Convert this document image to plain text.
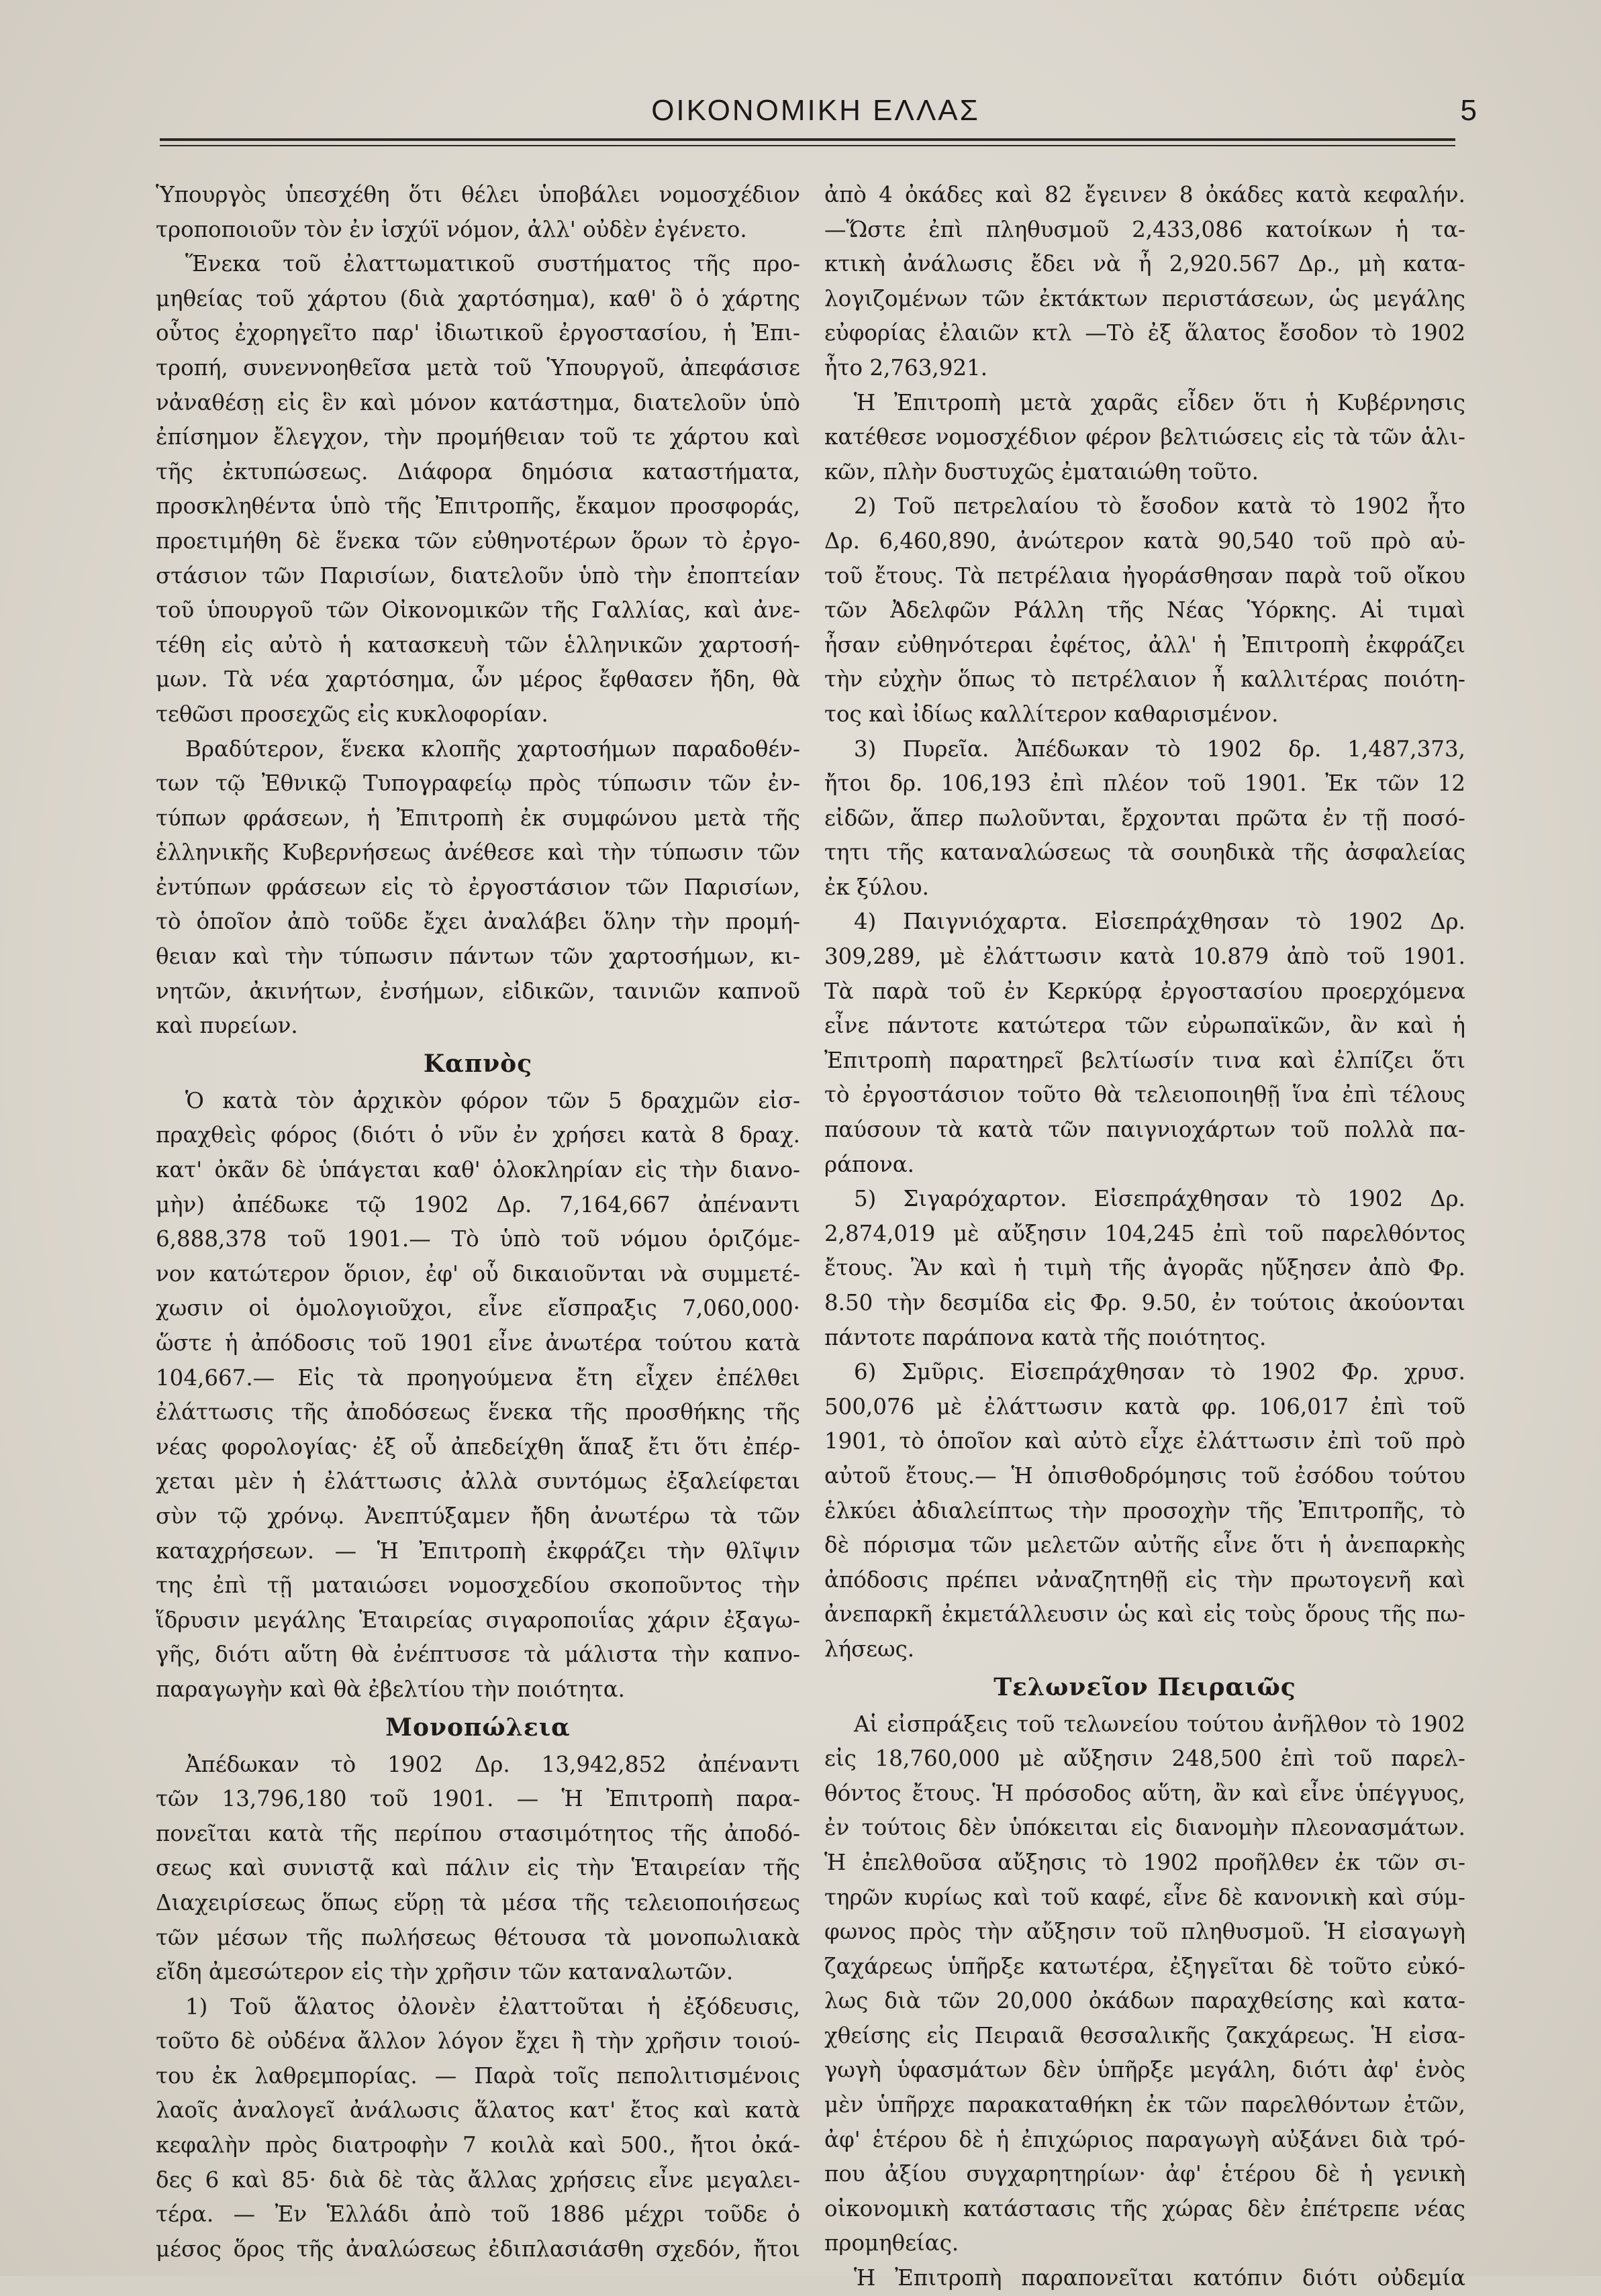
ΟΙΚΟΝΟΜΙΚΗ ΕΛΛΑΣ	5
Ὑπουργὸς ὑπεσχέθη ὅτι θέλει ὑποβάλει νομοσχέδιον
τροποποιοῦν τὸν ἐν ἰσχύϊ νόμον, ἀλλ' οὐδὲν ἐγένετο.
Ἕνεκα τοῦ ἐλαττωματικοῦ συστήματος τῆς προ-
μηθείας τοῦ χάρτου (διὰ χαρτόσημα), καθ' ὃ ὁ χάρτης
οὗτος ἐχορηγεῖτο παρ' ἰδιωτικοῦ ἐργοστασίου, ἡ Ἐπι-
τροπή, συνεννοηθεῖσα μετὰ τοῦ Ὑπουργοῦ, ἀπεφάσισε
νἀναθέσῃ εἰς ἓν καὶ μόνον κατάστημα, διατελοῦν ὑπὸ
ἐπίσημον ἔλεγχον, τὴν προμήθειαν τοῦ τε χάρτου καὶ
τῆς ἐκτυπώσεως. Διάφορα δημόσια καταστήματα,
προσκληθέντα ὑπὸ τῆς Ἐπιτροπῆς, ἔκαμον προσφοράς,
προετιμήθη δὲ ἕνεκα τῶν εὐθηνοτέρων ὅρων τὸ ἐργο-
στάσιον τῶν Παρισίων, διατελοῦν ὑπὸ τὴν ἐποπτείαν
τοῦ ὑπουργοῦ τῶν Οἰκονομικῶν τῆς Γαλλίας, καὶ ἀνε-
τέθη εἰς αὐτὸ ἡ κατασκευὴ τῶν ἑλληνικῶν χαρτοσή-
μων. Τὰ νέα χαρτόσημα, ὧν μέρος ἔφθασεν ἤδη, θὰ
τεθῶσι προσεχῶς εἰς κυκλοφορίαν.
Βραδύτερον, ἕνεκα κλοπῆς χαρτοσήμων παραδοθέν-
των τῷ Ἐθνικῷ Τυπογραφείῳ πρὸς τύπωσιν τῶν ἐν-
τύπων φράσεων, ἡ Ἐπιτροπὴ ἐκ συμφώνου μετὰ τῆς
ἑλληνικῆς Κυβερνήσεως ἀνέθεσε καὶ τὴν τύπωσιν τῶν
ἐντύπων φράσεων εἰς τὸ ἐργοστάσιον τῶν Παρισίων,
τὸ ὁποῖον ἀπὸ τοῦδε ἔχει ἀναλάβει ὅλην τὴν προμή-
θειαν καὶ τὴν τύπωσιν πάντων τῶν χαρτοσήμων, κι-
νητῶν, ἀκινήτων, ἐνσήμων, εἰδικῶν, ταινιῶν καπνοῦ
καὶ πυρείων.
Καπνὸς
Ὁ κατὰ τὸν ἀρχικὸν φόρον τῶν 5 δραχμῶν εἰσ-
πραχθεὶς φόρος (διότι ὁ νῦν ἐν χρήσει κατὰ 8 δραχ.
κατ' ὀκᾶν δὲ ὑπάγεται καθ' ὁλοκληρίαν εἰς τὴν διανο-
μὴν) ἀπέδωκε τῷ 1902 Δρ. 7,164,667 ἀπέναντι
6,888,378 τοῦ 1901.— Τὸ ὑπὸ τοῦ νόμου ὁριζόμε-
νον κατώτερον ὅριον, ἐφ' οὗ δικαιοῦνται νὰ συμμετέ-
χωσιν οἱ ὁμολογιοῦχοι, εἶνε εἴσπραξις 7,060,000·
ὥστε ἡ ἀπόδοσις τοῦ 1901 εἶνε ἀνωτέρα τούτου κατὰ
104,667.— Εἰς τὰ προηγούμενα ἔτη εἶχεν ἐπέλθει
ἐλάττωσις τῆς ἀποδόσεως ἕνεκα τῆς προσθήκης τῆς
νέας φορολογίας· ἐξ οὗ ἀπεδείχθη ἅπαξ ἔτι ὅτι ἐπέρ-
χεται μὲν ἡ ἐλάττωσις ἀλλὰ συντόμως ἐξαλείφεται
σὺν τῷ χρόνῳ. Ἀνεπτύξαμεν ἤδη ἀνωτέρω τὰ τῶν
καταχρήσεων. — Ἡ Ἐπιτροπὴ ἐκφράζει τὴν θλῖψιν
της ἐπὶ τῇ ματαιώσει νομοσχεδίου σκοποῦντος τὴν
ἵδρυσιν μεγάλης Ἑταιρείας σιγαροποιΐας χάριν ἐξαγω-
γῆς, διότι αὕτη θὰ ἐνέπτυσσε τὰ μάλιστα τὴν καπνο-
παραγωγὴν καὶ θὰ ἐβελτίου τὴν ποιότητα.
Μονοπώλεια
Ἀπέδωκαν τὸ 1902 Δρ. 13,942,852 ἀπέναντι
τῶν 13,796,180 τοῦ 1901. — Ἡ Ἐπιτροπὴ παρα-
πονεῖται κατὰ τῆς περίπου στασιμότητος τῆς ἀποδό-
σεως καὶ συνιστᾷ καὶ πάλιν εἰς τὴν Ἑταιρείαν τῆς
Διαχειρίσεως ὅπως εὕρῃ τὰ μέσα τῆς τελειοποιήσεως
τῶν μέσων τῆς πωλήσεως θέτουσα τὰ μονοπωλιακὰ
εἴδη ἀμεσώτερον εἰς τὴν χρῆσιν τῶν καταναλωτῶν.
1) Τοῦ ἅλατος ὀλονὲν ἐλαττοῦται ἡ ἐξόδευσις,
τοῦτο δὲ οὐδένα ἄλλον λόγον ἔχει ἢ τὴν χρῆσιν τοιού-
του ἐκ λαθρεμπορίας. — Παρὰ τοῖς πεπολιτισμένοις
λαοῖς ἀναλογεῖ ἀνάλωσις ἅλατος κατ' ἔτος καὶ κατὰ
κεφαλὴν πρὸς διατροφὴν 7 κοιλὰ καὶ 500., ἤτοι ὀκά-
δες 6 καὶ 85· διὰ δὲ τὰς ἄλλας χρήσεις εἶνε μεγαλει-
τέρα. — Ἐν Ἑλλάδι ἀπὸ τοῦ 1886 μέχρι τοῦδε ὁ
μέσος ὅρος τῆς ἀναλώσεως ἐδιπλασιάσθη σχεδόν, ἤτοι
ἀπὸ 4 ὀκάδες καὶ 82 ἔγεινεν 8 ὀκάδες κατὰ κεφαλήν.
—Ὥστε ἐπὶ πληθυσμοῦ 2,433,086 κατοίκων ἡ τα-
κτικὴ ἀνάλωσις ἔδει νὰ ἦ 2,920.567 Δρ., μὴ κατα-
λογιζομένων τῶν ἐκτάκτων περιστάσεων, ὡς μεγάλης
εὐφορίας ἐλαιῶν κτλ —Τὸ ἐξ ἅλατος ἔσοδον τὸ 1902
ἦτο 2,763,921.
Ἡ Ἐπιτροπὴ μετὰ χαρᾶς εἶδεν ὅτι ἡ Κυβέρνησις
κατέθεσε νομοσχέδιον φέρον βελτιώσεις εἰς τὰ τῶν ἁλι-
κῶν, πλὴν δυστυχῶς ἐματαιώθη τοῦτο.
2) Τοῦ πετρελαίου τὸ ἔσοδον κατὰ τὸ 1902 ἦτο
Δρ. 6,460,890, ἀνώτερον κατὰ 90,540 τοῦ πρὸ αὐ-
τοῦ ἔτους. Τὰ πετρέλαια ἠγοράσθησαν παρὰ τοῦ οἴκου
τῶν Ἀδελφῶν Ράλλη τῆς Νέας Ὑόρκης. Αἱ τιμαὶ
ἦσαν εὐθηνότεραι ἐφέτος, ἀλλ' ἡ Ἐπιτροπὴ ἐκφράζει
τὴν εὐχὴν ὅπως τὸ πετρέλαιον ἦ καλλιτέρας ποιότη-
τος καὶ ἰδίως καλλίτερον καθαρισμένον.
3) Πυρεῖα. Ἀπέδωκαν τὸ 1902 δρ. 1,487,373,
ἤτοι δρ. 106,193 ἐπὶ πλέον τοῦ 1901. Ἐκ τῶν 12
εἰδῶν, ἅπερ πωλοῦνται, ἔρχονται πρῶτα ἐν τῇ ποσό-
τητι τῆς καταναλώσεως τὰ σουηδικὰ τῆς ἀσφαλείας
ἐκ ξύλου.
4) Παιγνιόχαρτα. Εἰσεπράχθησαν τὸ 1902 Δρ.
309,289, μὲ ἐλάττωσιν κατὰ 10.879 ἀπὸ τοῦ 1901.
Τὰ παρὰ τοῦ ἐν Κερκύρᾳ ἐργοστασίου προερχόμενα
εἶνε πάντοτε κατώτερα τῶν εὐρωπαϊκῶν, ἂν καὶ ἡ
Ἐπιτροπὴ παρατηρεῖ βελτίωσίν τινα καὶ ἐλπίζει ὅτι
τὸ ἐργοστάσιον τοῦτο θὰ τελειοποιηθῇ ἵνα ἐπὶ τέλους
παύσουν τὰ κατὰ τῶν παιγνιοχάρτων τοῦ πολλὰ πα-
ράπονα.
5) Σιγαρόχαρτον. Εἰσεπράχθησαν τὸ 1902 Δρ.
2,874,019 μὲ αὔξησιν 104,245 ἐπὶ τοῦ παρελθόντος
ἔτους. Ἂν καὶ ἡ τιμὴ τῆς ἀγορᾶς ηὔξησεν ἀπὸ Φρ.
8.50 τὴν δεσμίδα εἰς Φρ. 9.50, ἐν τούτοις ἀκούονται
πάντοτε παράπονα κατὰ τῆς ποιότητος.
6) Σμῦρις. Εἰσεπράχθησαν τὸ 1902 Φρ. χρυσ.
500,076 μὲ ἐλάττωσιν κατὰ φρ. 106,017 ἐπὶ τοῦ
1901, τὸ ὁποῖον καὶ αὐτὸ εἶχε ἐλάττωσιν ἐπὶ τοῦ πρὸ
αὐτοῦ ἔτους.— Ἡ ὀπισθοδρόμησις τοῦ ἐσόδου τούτου
ἑλκύει ἀδιαλείπτως τὴν προσοχὴν τῆς Ἐπιτροπῆς, τὸ
δὲ πόρισμα τῶν μελετῶν αὐτῆς εἶνε ὅτι ἡ ἀνεπαρκὴς
ἀπόδοσις πρέπει νἀναζητηθῇ εἰς τὴν πρωτογενῆ καὶ
ἀνεπαρκῆ ἐκμετάλλευσιν ὡς καὶ εἰς τοὺς ὅρους τῆς πω-
λήσεως.
Τελωνεῖον Πειραιῶς
Αἱ εἰσπράξεις τοῦ τελωνείου τούτου ἀνῆλθον τὸ 1902
εἰς 18,760,000 μὲ αὔξησιν 248,500 ἐπὶ τοῦ παρελ-
θόντος ἔτους. Ἡ πρόσοδος αὕτη, ἂν καὶ εἶνε ὑπέγγυος,
ἐν τούτοις δὲν ὑπόκειται εἰς διανομὴν πλεονασμάτων.
Ἡ ἐπελθοῦσα αὔξησις τὸ 1902 προῆλθεν ἐκ τῶν σι-
τηρῶν κυρίως καὶ τοῦ καφέ, εἶνε δὲ κανονικὴ καὶ σύμ-
φωνος πρὸς τὴν αὔξησιν τοῦ πληθυσμοῦ. Ἡ εἰσαγωγὴ
ζαχάρεως ὑπῆρξε κατωτέρα, ἐξηγεῖται δὲ τοῦτο εὐκό-
λως διὰ τῶν 20,000 ὀκάδων παραχθείσης καὶ κατα-
χθείσης εἰς Πειραιᾶ θεσσαλικῆς ζακχάρεως. Ἡ εἰσα-
γωγὴ ὑφασμάτων δὲν ὑπῆρξε μεγάλη, διότι ἀφ' ἑνὸς
μὲν ὑπῆρχε παρακαταθήκη ἐκ τῶν παρελθόντων ἐτῶν,
ἀφ' ἑτέρου δὲ ἡ ἐπιχώριος παραγωγὴ αὐξάνει διὰ τρό-
που ἀξίου συγχαρητηρίων· ἀφ' ἑτέρου δὲ ἡ γενικὴ
οἰκονομικὴ κατάστασις τῆς χώρας δὲν ἐπέτρεπε νέας
προμηθείας.
Ἡ Ἐπιτροπὴ παραπονεῖται κατόπιν διότι οὐδεμία
